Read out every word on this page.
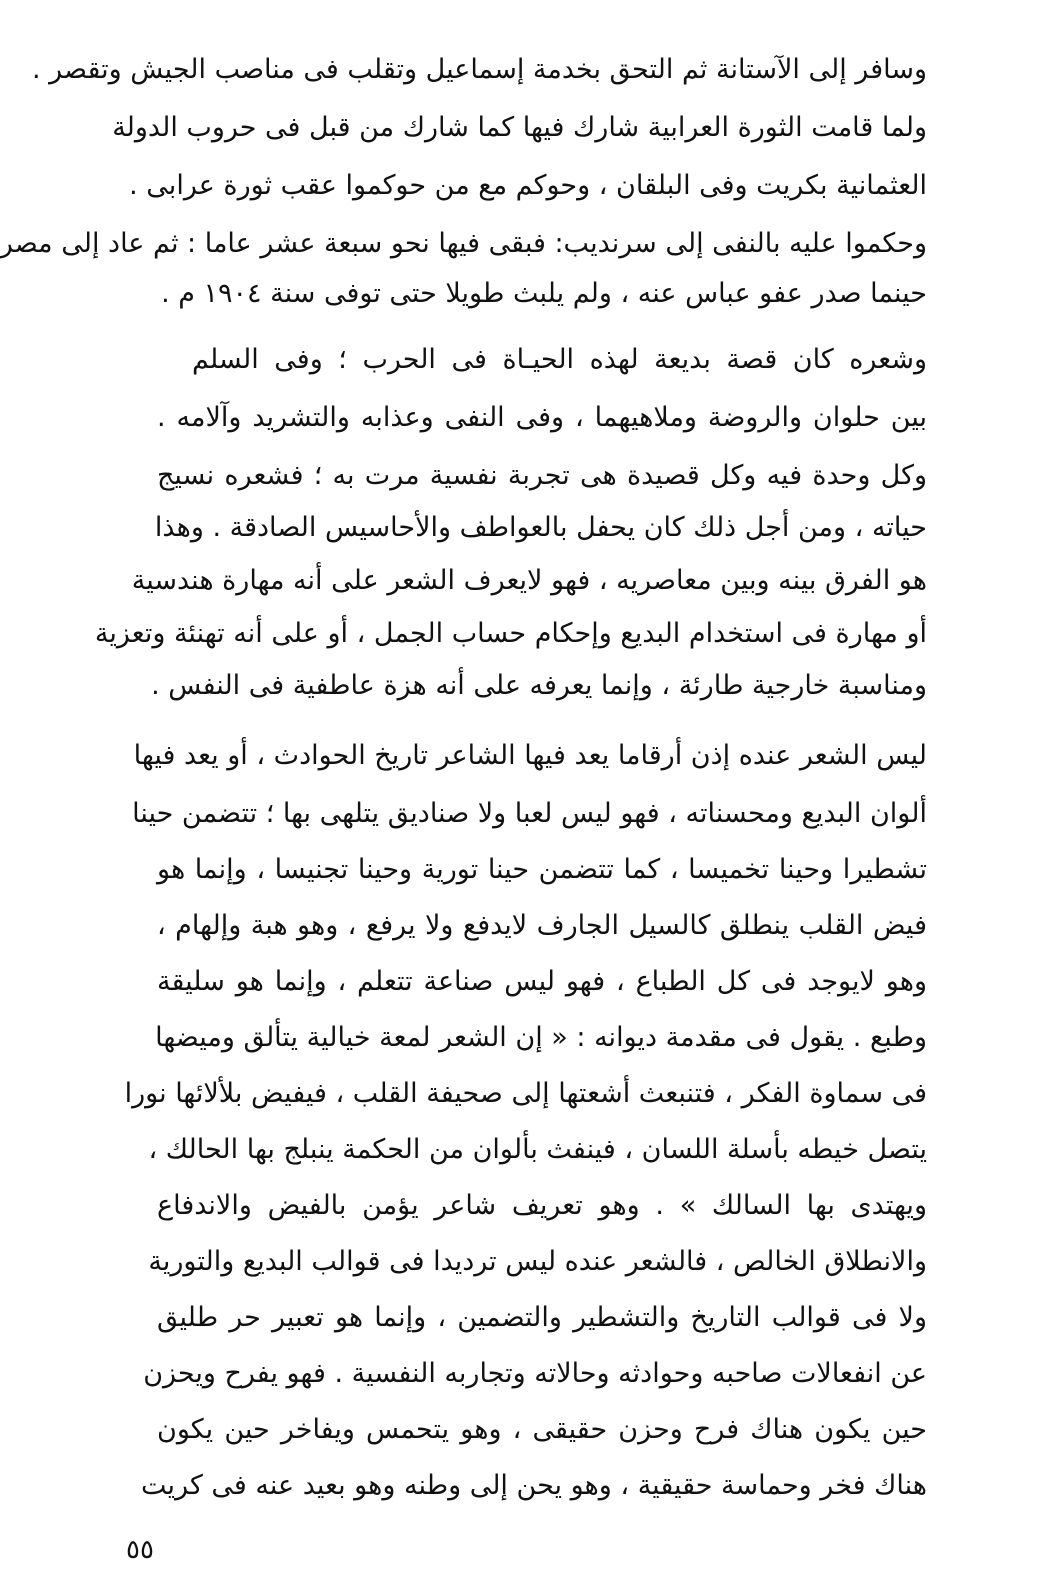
وسافر إلى الآستانة ثم التحق بخدمة إسماعيل وتقلب فى مناصب الجيش وتقصر .
ولما قامت الثورة العرابية شارك فيها كما شارك من قبل فى حروب الدولة
العثمانية بكريت وفى البلقان ، وحوكم مع من حوكموا عقب ثورة عرابى .
وحكموا عليه بالنفى إلى سرنديب: فبقى فيها نحو سبعة عشر عاما : ثم عاد إلى مصر
حينما صدر عفو عباس عنه ، ولم يلبث طويلا حتى توفى سنة ١٩٠٤ م .
وشعره كان قصة بديعة لهذه الحيـاة فى الحرب ؛ وفى السلم
بين حلوان والروضة وملاهيهما ، وفى النفى وعذابه والتشريد وآلامه .
وكل وحدة فيه وكل قصيدة هى تجربة نفسية مرت به ؛ فشعره نسيج
حياته ، ومن أجل ذلك كان يحفل بالعواطف والأحاسيس الصادقة . وهذا
هو الفرق بينه وبين معاصريه ، فهو لايعرف الشعر على أنه مهارة هندسية
أو مهارة فى استخدام البديع وإحكام حساب الجمل ، أو على أنه تهنئة وتعزية
ومناسبة خارجية طارئة ، وإنما يعرفه على أنه هزة عاطفية فى النفس .
ليس الشعر عنده إذن أرقاما يعد فيها الشاعر تاريخ الحوادث ، أو يعد فيها
ألوان البديع ومحسناته ، فهو ليس لعبا ولا صناديق يتلهى بها ؛ تتضمن حينا
تشطيرا وحينا تخميسا ، كما تتضمن حينا تورية وحينا تجنيسا ، وإنما هو
فيض القلب ينطلق كالسيل الجارف لايدفع ولا يرفع ، وهو هبة وإلهام ،
وهو لايوجد فى كل الطباع ، فهو ليس صناعة تتعلم ، وإنما هو سليقة
وطبع . يقول فى مقدمة ديوانه : « إن الشعر لمعة خيالية يتألق وميضها
فى سماوة الفكر ، فتنبعث أشعتها إلى صحيفة القلب ، فيفيض بلألائها نورا
يتصل خيطه بأسلة اللسان ، فينفث بألوان من الحكمة ينبلج بها الحالك ،
ويهتدى بها السالك » . وهو تعريف شاعر يؤمن بالفيض والاندفاع
والانطلاق الخالص ، فالشعر عنده ليس ترديدا فى قوالب البديع والتورية
ولا فى قوالب التاريخ والتشطير والتضمين ، وإنما هو تعبير حر طليق
عن انفعالات صاحبه وحوادثه وحالاته وتجاربه النفسية . فهو يفرح ويحزن
حين يكون هناك فرح وحزن حقيقى ، وهو يتحمس ويفاخر حين يكون
هناك فخر وحماسة حقيقية ، وهو يحن إلى وطنه وهو بعيد عنه فى كريت
٥٥
